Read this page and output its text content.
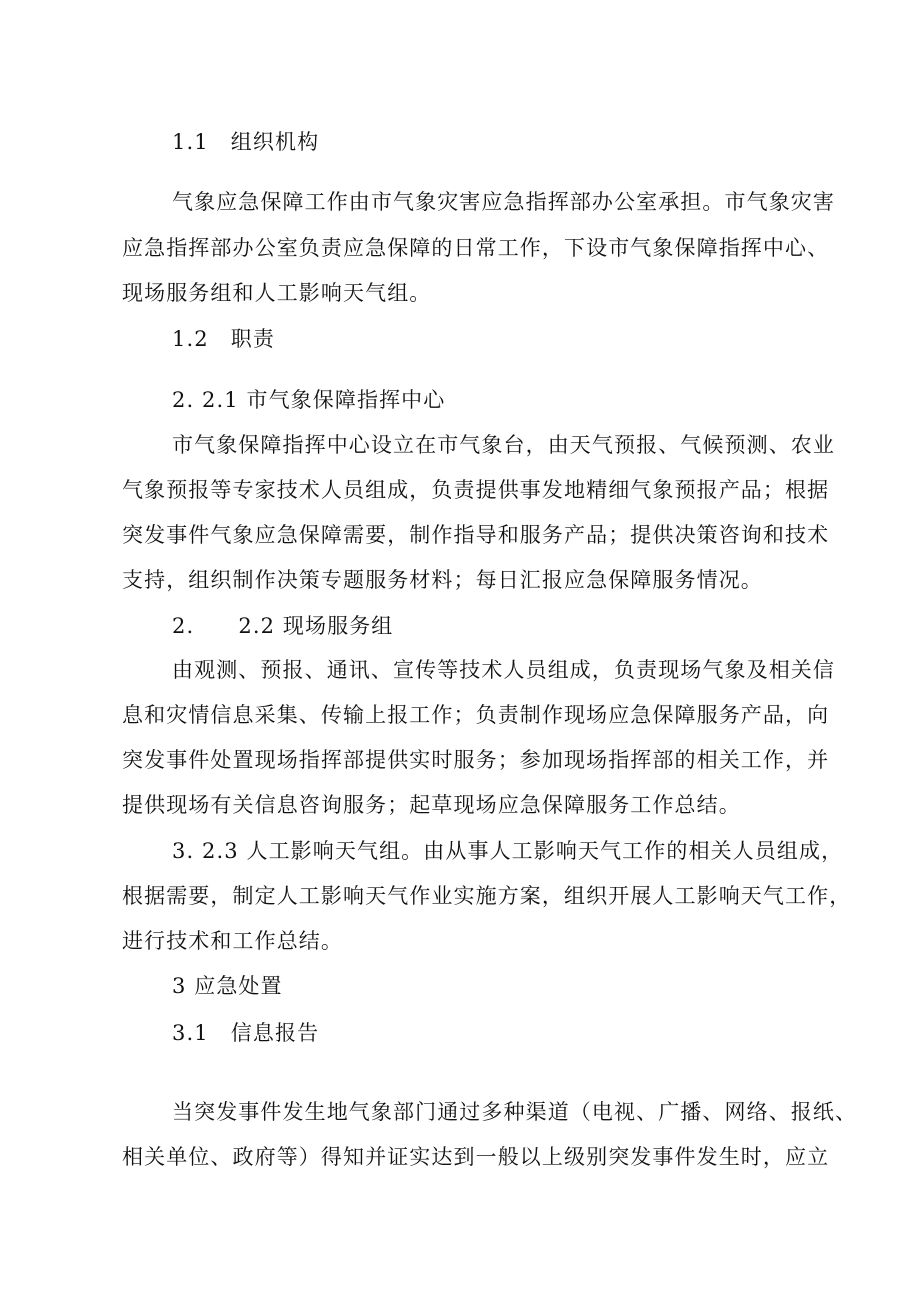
1.1　组织机构
气象应急保障工作由市气象灾害应急指挥部办公室承担。市气象灾害
应急指挥部办公室负责应急保障的日常工作，下设市气象保障指挥中心、
现场服务组和人工影响天气组。
1.2　职责
2. 2.1 市气象保障指挥中心
市气象保障指挥中心设立在市气象台，由天气预报、气候预测、农业
气象预报等专家技术人员组成，负责提供事发地精细气象预报产品；根据
突发事件气象应急保障需要，制作指导和服务产品；提供决策咨询和技术
支持，组织制作决策专题服务材料；每日汇报应急保障服务情况。
2.　　2.2 现场服务组
由观测、预报、通讯、宣传等技术人员组成，负责现场气象及相关信
息和灾情信息采集、传输上报工作；负责制作现场应急保障服务产品，向
突发事件处置现场指挥部提供实时服务；参加现场指挥部的相关工作，并
提供现场有关信息咨询服务；起草现场应急保障服务工作总结。
3. 2.3 人工影响天气组。由从事人工影响天气工作的相关人员组成，
根据需要，制定人工影响天气作业实施方案，组织开展人工影响天气工作，
进行技术和工作总结。
3 应急处置
3.1　信息报告
当突发事件发生地气象部门通过多种渠道（电视、广播、网络、报纸、
相关单位、政府等）得知并证实达到一般以上级别突发事件发生时，应立
